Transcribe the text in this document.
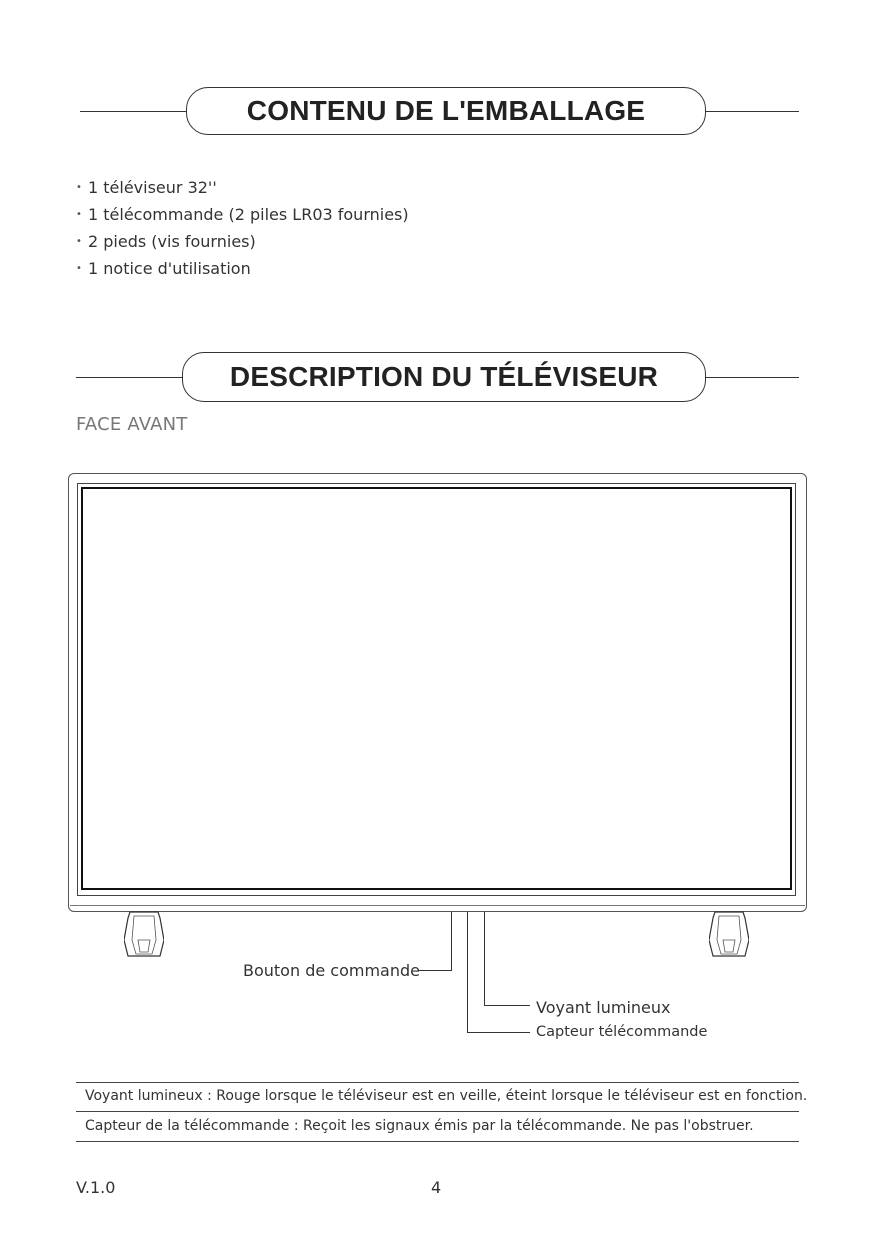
CONTENU DE L'EMBALLAGE
• 1 téléviseur 32''
• 1 télécommande (2 piles LR03 fournies)
• 2 pieds (vis fournies)
• 1 notice d'utilisation
DESCRIPTION DU TÉLÉVISEUR
FACE AVANT
Bouton de commande
Voyant lumineux
Capteur télécommande
Voyant lumineux : Rouge lorsque le téléviseur est en veille, éteint lorsque le téléviseur est en fonction.
Capteur de la télécommande : Reçoit les signaux émis par la télécommande. Ne pas l'obstruer.
V.1.0	4
